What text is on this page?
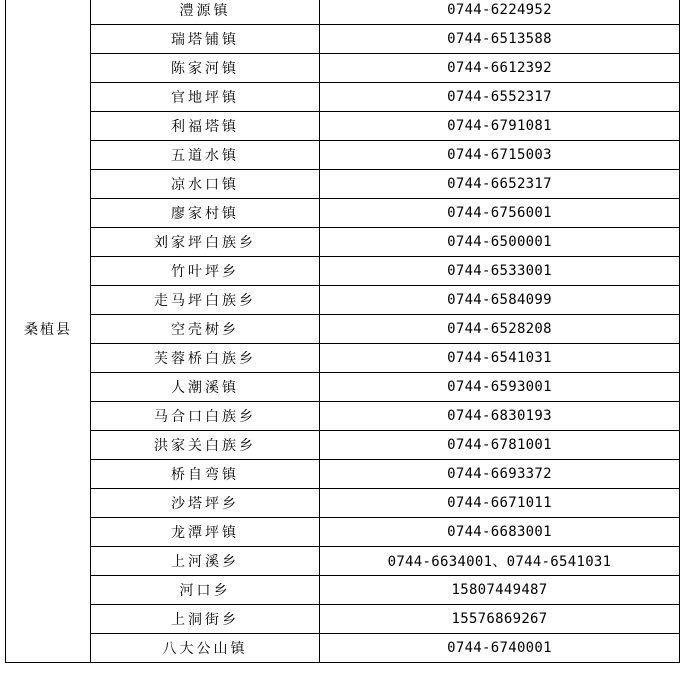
桑植县	澧源镇	0744-6224952
	瑞塔铺镇	0744-6513588
	陈家河镇	0744-6612392
	官地坪镇	0744-6552317
	利福塔镇	0744-6791081
	五道水镇	0744-6715003
	凉水口镇	0744-6652317
	廖家村镇	0744-6756001
	刘家坪白族乡	0744-6500001
	竹叶坪乡	0744-6533001
	走马坪白族乡	0744-6584099
	空壳树乡	0744-6528208
	芙蓉桥白族乡	0744-6541031
	人潮溪镇	0744-6593001
	马合口白族乡	0744-6830193
	洪家关白族乡	0744-6781001
	桥自弯镇	0744-6693372
	沙塔坪乡	0744-6671011
	龙潭坪镇	0744-6683001
	上河溪乡	0744-6634001、0744-6541031
	河口乡	15807449487
	上洞街乡	15576869267
	八大公山镇	0744-6740001
